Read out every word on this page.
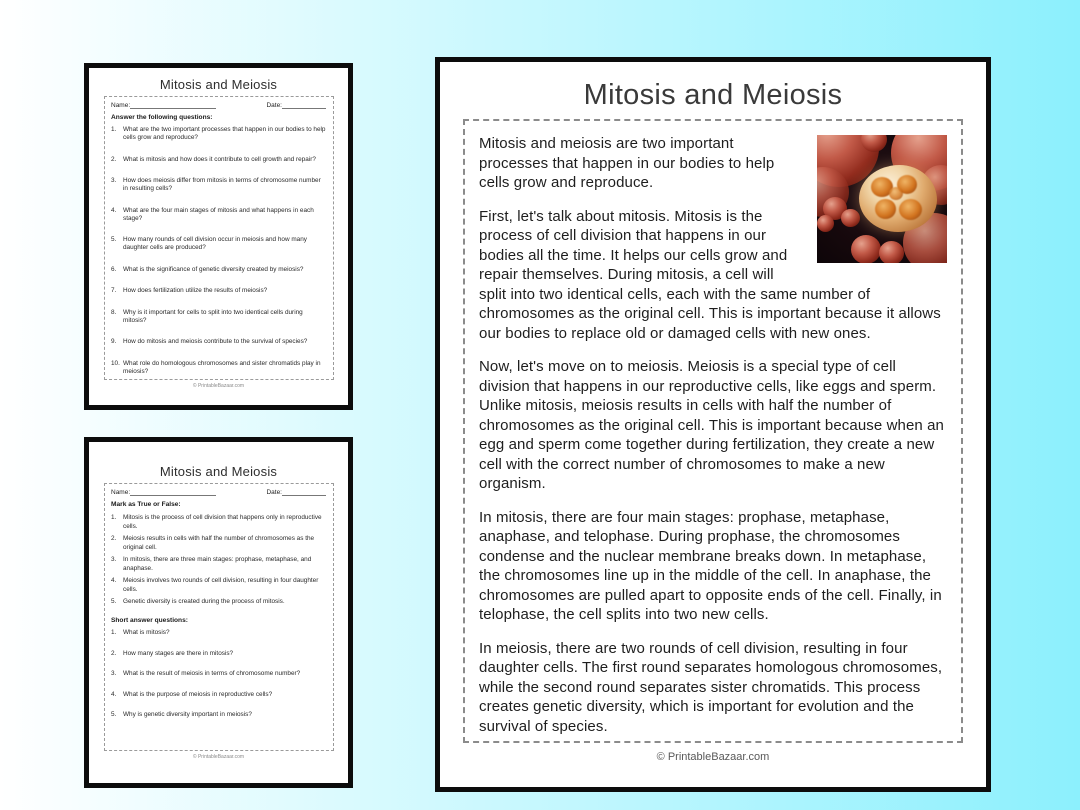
Mitosis and Meiosis
Name:	Date:

Answer the following questions:

1.	What are the two important processes that happen in our bodies to help cells grow and reproduce?
2.	What is mitosis and how does it contribute to cell growth and repair?
3.	How does meiosis differ from mitosis in terms of chromosome number in resulting cells?
4.	What are the four main stages of mitosis and what happens in each stage?
5.	How many rounds of cell division occur in meiosis and how many daughter cells are produced?
6.	What is the significance of genetic diversity created by meiosis?
7.	How does fertilization utilize the results of meiosis?
8.	Why is it important for cells to split into two identical cells during mitosis?
9.	How do mitosis and meiosis contribute to the survival of species?
10. What role do homologous chromosomes and sister chromatids play in meiosis?
© PrintableBazaar.com
Mitosis and Meiosis
Name:	Date:

Mark as True or False:

1.	Mitosis is the process of cell division that happens only in reproductive cells.
2.	Meiosis results in cells with half the number of chromosomes as the original cell.
3.	In mitosis, there are three main stages: prophase, metaphase, and anaphase.
4.	Meiosis involves two rounds of cell division, resulting in four daughter cells.
5.	Genetic diversity is created during the process of mitosis.

Short answer questions:

1.	What is mitosis?
2.	How many stages are there in mitosis?
3.	What is the result of meiosis in terms of chromosome number?
4.	What is the purpose of meiosis in reproductive cells?
5.	Why is genetic diversity important in meiosis?
© PrintableBazaar.com
Mitosis and Meiosis

Mitosis and meiosis are two important processes that happen in our bodies to help cells grow and reproduce.

First, let's talk about mitosis. Mitosis is the process of cell division that happens in our bodies all the time. It helps our cells grow and repair themselves. During mitosis, a cell will split into two identical cells, each with the same number of chromosomes as the original cell. This is important because it allows our bodies to replace old or damaged cells with new ones.

Now, let's move on to meiosis. Meiosis is a special type of cell division that happens in our reproductive cells, like eggs and sperm. Unlike mitosis, meiosis results in cells with half the number of chromosomes as the original cell. This is important because when an egg and sperm come together during fertilization, they create a new cell with the correct number of chromosomes to make a new organism.

In mitosis, there are four main stages: prophase, metaphase, anaphase, and telophase. During prophase, the chromosomes condense and the nuclear membrane breaks down. In metaphase, the chromosomes line up in the middle of the cell. In anaphase, the chromosomes are pulled apart to opposite ends of the cell. Finally, in telophase, the cell splits into two new cells.

In meiosis, there are two rounds of cell division, resulting in four daughter cells. The first round separates homologous chromosomes, while the second round separates sister chromatids. This process creates genetic diversity, which is important for evolution and the survival of species.

© PrintableBazaar.com
